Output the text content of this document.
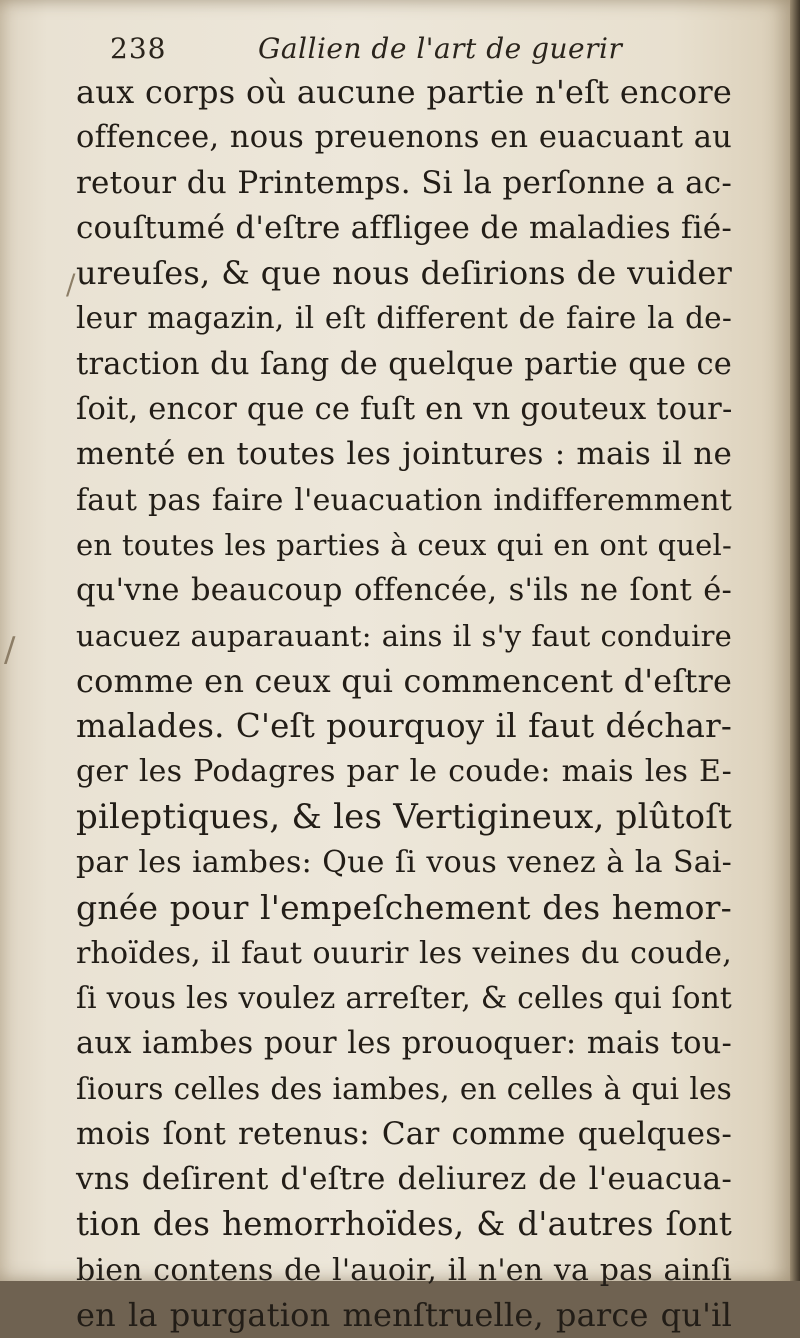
238	Gallien de l'art de guerir
aux corps où aucune partie n'eſt encore
offencee, nous preuenons en euacuant au
retour du Printemps. Si la perſonne a ac-
couſtumé d'eſtre affligee de maladies fié-
ureuſes, & que nous deſirions de vuider
leur magazin, il eſt different de faire la de-
traction du ſang de quelque partie que ce
ſoit, encor que ce fuſt en vn gouteux tour-
menté en toutes les jointures : mais il ne
faut pas faire l'euacuation indifferemment
en toutes les parties à ceux qui en ont quel-
qu'vne beaucoup offencée, s'ils ne ſont é-
uacuez auparauant: ains il s'y faut conduire
comme en ceux qui commencent d'eſtre
malades. C'eſt pourquoy il faut déchar-
ger les Podagres par le coude: mais les E-
pileptiques, & les Vertigineux, plûtoſt
par les iambes: Que ſi vous venez à la Sai-
gnée pour l'empeſchement des hemor-
rhoïdes, il faut ouurir les veines du coude,
ſi vous les voulez arreſter, & celles qui ſont
aux iambes pour les prouoquer: mais tou-
ſiours celles des iambes, en celles à qui les
mois ſont retenus: Car comme quelques-
vns deſirent d'eſtre deliurez de l'euacua-
tion des hemorrhoïdes, & d'autres ſont
bien contens de l'auoir, il n'en va pas ainſi
en la purgation menſtruelle, parce qu'il
/
/
